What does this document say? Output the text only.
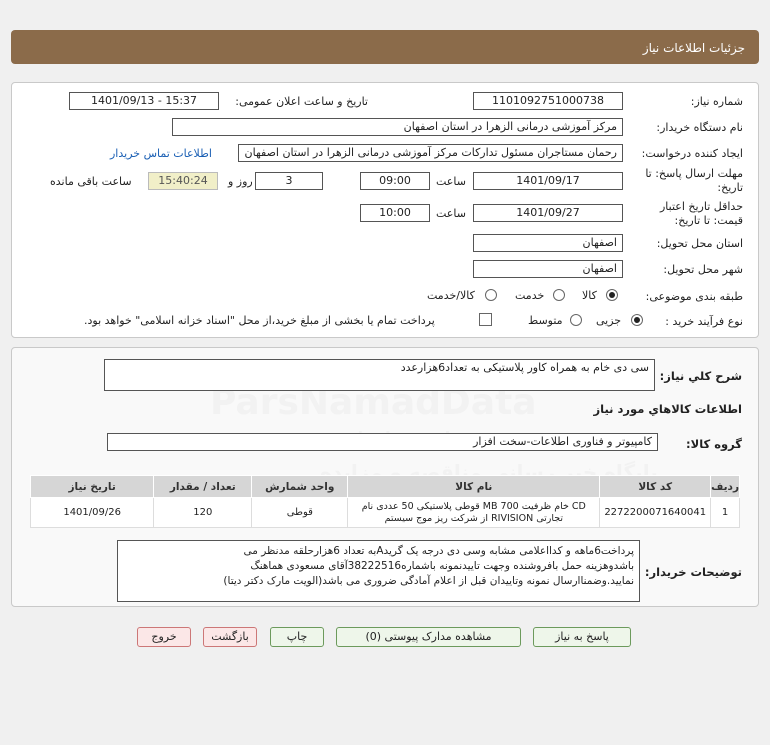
جزئیات اطلاعات نیاز
شماره نیاز:
1101092751000738
تاریخ و ساعت اعلان عمومی:
1401/09/13 - 15:37
نام دستگاه خریدار:
مرکز آموزشی درمانی الزهرا در استان اصفهان
ایجاد کننده درخواست:
رحمان مستاجران مسئول تدارکات مرکز آموزشی درمانی الزهرا در استان اصفهان
اطلاعات تماس خریدار
مهلت ارسال پاسخ: تا
تاریخ:
1401/09/17
ساعت
09:00
3
روز و
15:40:24
ساعت باقی مانده
حداقل تاریخ اعتبار
قیمت: تا تاریخ:
1401/09/27
ساعت
10:00
استان محل تحویل:
اصفهان
شهر محل تحویل:
اصفهان
طبقه بندی موضوعی:
کالا
خدمت
کالا/خدمت
نوع فرآیند خرید :
جزیی
متوسط
پرداخت تمام یا بخشی از مبلغ خرید،از محل "اسناد خزانه اسلامی" خواهد بود.
شرح کلي نياز:
سی دی خام به همراه کاور پلاستیکی به تعداد6هزارعدد
اطلاعات کالاهاي مورد نياز
گروه کالا:
کامپیوتر و فناوری اطلاعات-سخت افزار
ردیف	کد کالا	نام کالا	واحد شمارش	تعداد / مقدار	تاریخ نیاز
1	2272200071640041	CD خام ظرفیت MB 700 قوطی پلاستیکی 50 عددی نام تجارتی RIVISION از شرکت ریز موج سیستم	قوطی	120	1401/09/26
توضیحات خریدار:
پرداخت6ماهه و کدااعلامی مشابه وسی دی درجه یک گریدAبه تعداد 6هزارحلقه مدنظر می
باشدوهزینه حمل بافروشنده وجهت تاییدنمونه باشماره38222516آقای مسعودی هماهنگ
نمایید.وضمناارسال نمونه وتاییدان قبل از اعلام آمادگی ضروری می باشد(الویت مارک دکتر دیتا)
پاسخ به نیاز
مشاهده مدارک پیوستی (0)
چاپ
بازگشت
خروج
